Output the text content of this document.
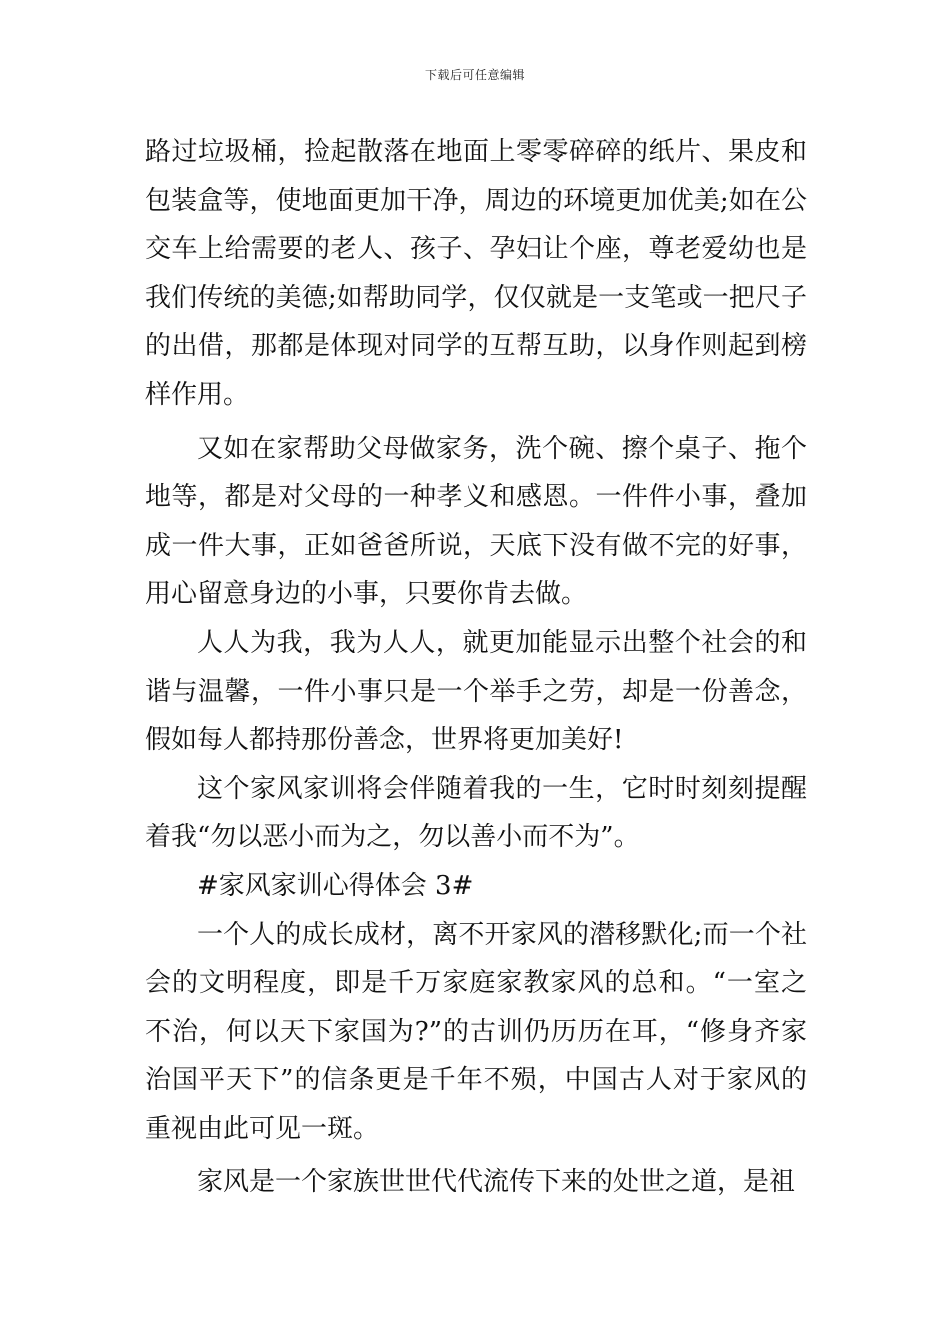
下载后可任意编辑

路过垃圾桶，捡起散落在地面上零零碎碎的纸片、果皮和包装盒等，使地面更加干净，周边的环境更加优美;如在公交车上给需要的老人、孩子、孕妇让个座，尊老爱幼也是我们传统的美德;如帮助同学，仅仅就是一支笔或一把尺子的出借，那都是体现对同学的互帮互助，以身作则起到榜样作用。

又如在家帮助父母做家务，洗个碗、擦个桌子、拖个地等，都是对父母的一种孝义和感恩。一件件小事，叠加成一件大事，正如爸爸所说，天底下没有做不完的好事，用心留意身边的小事，只要你肯去做。

人人为我，我为人人，就更加能显示出整个社会的和谐与温馨，一件小事只是一个举手之劳，却是一份善念，假如每人都持那份善念，世界将更加美好!

这个家风家训将会伴随着我的一生，它时时刻刻提醒着我“勿以恶小而为之，勿以善小而不为”。

#家风家训心得体会 3#

一个人的成长成材，离不开家风的潜移默化;而一个社会的文明程度，即是千万家庭家教家风的总和。“一室之不治，何以天下家国为?”的古训仍历历在耳，“修身齐家治国平天下”的信条更是千年不殒，中国古人对于家风的重视由此可见一斑。

家风是一个家族世世代代流传下来的处世之道，是祖
